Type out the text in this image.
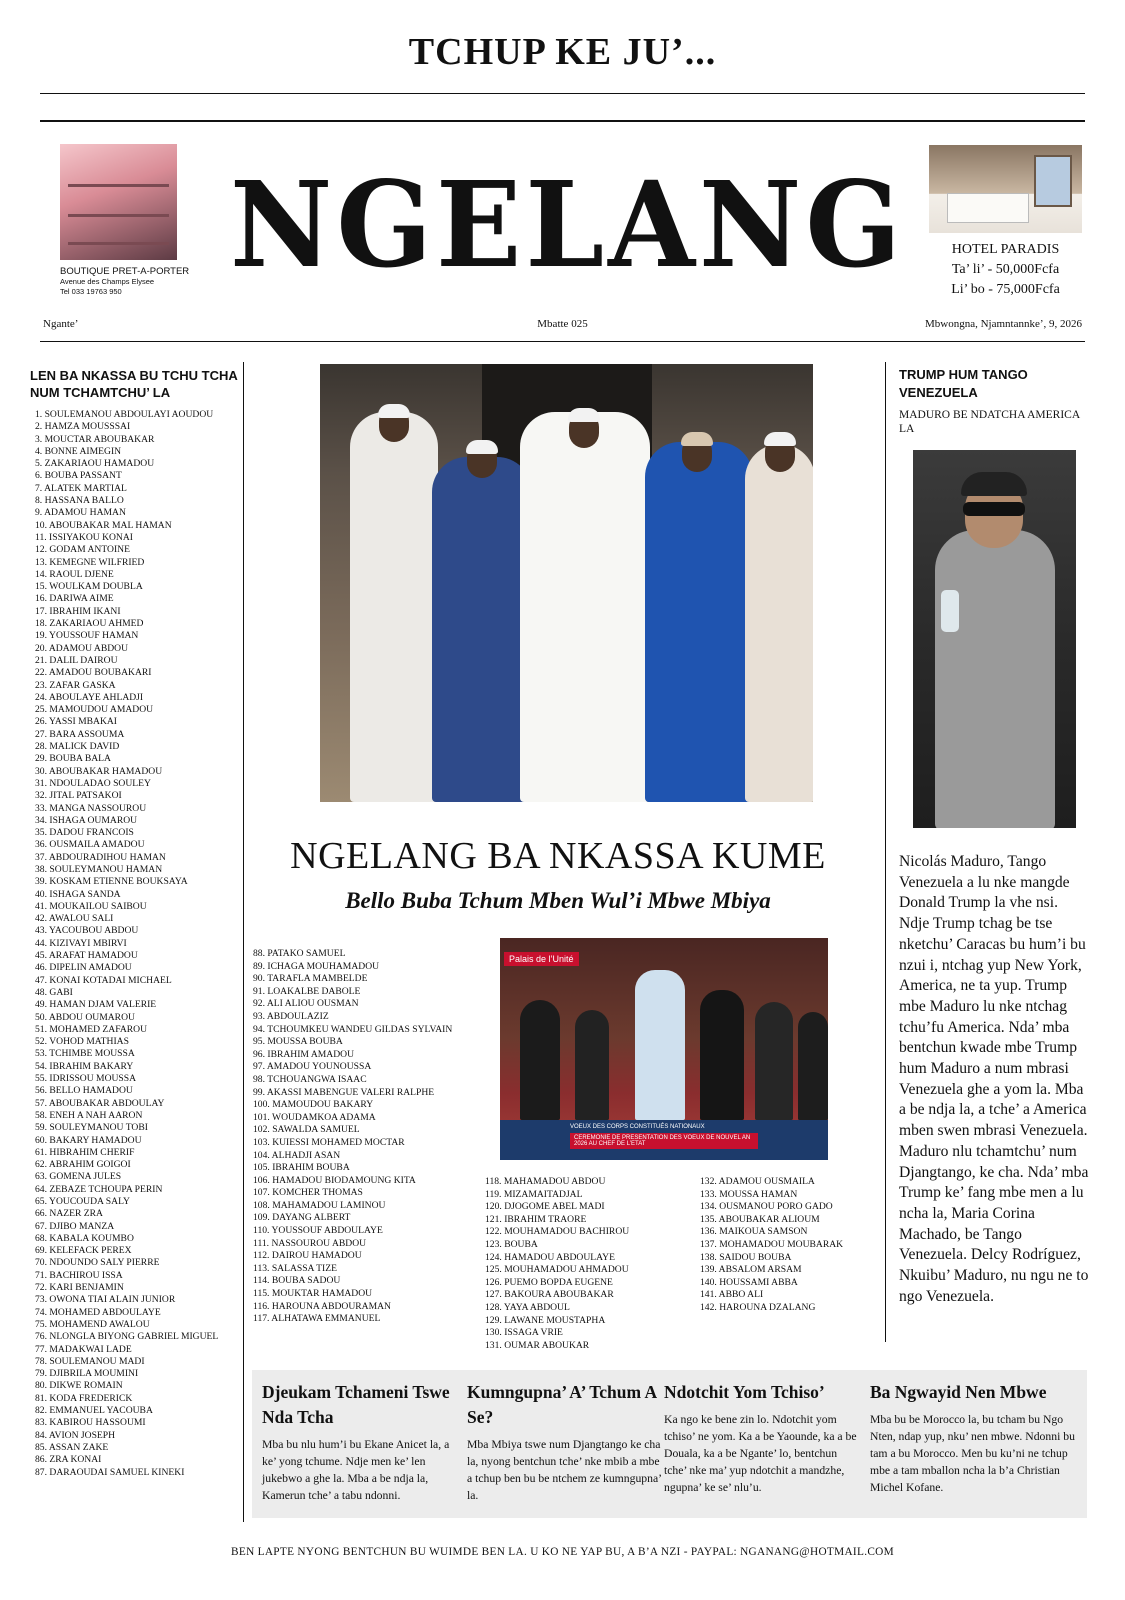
TCHUP KE JU’...
BOUTIQUE PRET-A-PORTER
Avenue des Champs Elysee
Tel 033 19763 950 NGELANG	HOTEL PARADIS
Ta’ li’ - 50,000Fcfa
Li’ bo - 75,000Fcfa
Ngante’	Mbatte 025	Mbwongna, Njamntannke’, 9, 2026
LEN BA NKASSA BU TCHU TCHA NUM TCHAMTCHU’ LA
1. SOULEMANOU ABDOULAYI AOUDOU
2. HAMZA MOUSSSAI
3. MOUCTAR ABOUBAKAR
4. BONNE AIMEGIN
5. ZAKARIAOU HAMADOU
6. BOUBA PASSANT
7. ALATEK MARTIAL
8. HASSANA BALLO
9. ADAMOU HAMAN
10. ABOUBAKAR MAL HAMAN
11. ISSIYAKOU KONAI
12. GODAM ANTOINE
13. KEMEGNE WILFRIED
14. RAOUL DJENE
15. WOULKAM DOUBLA
16. DARIWA AIME
17. IBRAHIM IKANI
18. ZAKARIAOU AHMED
19. YOUSSOUF HAMAN
20. ADAMOU ABDOU
21. DALIL DAIROU
22. AMADOU BOUBAKARI
23. ZAFAR GASKA
24. ABOULAYE AHLADJI
25. MAMOUDOU AMADOU
26. YASSI MBAKAI
27. BARA ASSOUMA
28. MALICK DAVID
29. BOUBA BALA
30. ABOUBAKAR HAMADOU
31. NDOULADAO SOULEY
32. JITAL PATSAKOI
33. MANGA NASSOUROU
34. ISHAGA OUMAROU
35. DADOU FRANCOIS
36. OUSMAILA AMADOU
37. ABDOURADIHOU HAMAN
38. SOULEYMANOU HAMAN
39. KOSKAM ETIENNE BOUKSAYA
40. ISHAGA SANDA
41. MOUKAILOU SAIBOU
42. AWALOU SALI
43. YACOUBOU ABDOU
44. KIZIVAYI MBIRVI
45. ARAFAT HAMADOU
46. DIPELIN AMADOU
47. KONAI KOTADAI MICHAEL
48. GABI
49. HAMAN DJAM VALERIE
50. ABDOU OUMAROU
51. MOHAMED ZAFAROU
52. VOHOD MATHIAS
53. TCHIMBE MOUSSA
54. IBRAHIM BAKARY
55. IDRISSOU MOUSSA
56. BELLO HAMADOU
57. ABOUBAKAR ABDOULAY
58. ENEH A NAH AARON
59. SOULEYMANOU TOBI
60. BAKARY HAMADOU
61. HIBRAHIM CHERIF
62. ABRAHIM GOIGOI
63. GOMENA JULES
64. ZEBAZE TCHOUPA PERIN
65. YOUCOUDA SALY
66. NAZER ZRA
67. DJIBO MANZA
68. KABALA KOUMBO
69. KELEFACK PEREX
70. NDOUNDO SALY PIERRE
71. BACHIROU ISSA
72. KARI BENJAMIN
73. OWONA TIAI ALAIN JUNIOR
74. MOHAMED ABDOULAYE
75. MOHAMEND AWALOU
76. NLONGLA BIYONG GABRIEL MIGUEL
77. MADAKWAI LADE
78. SOULEMANOU MADI
79. DJIBRILA MOUMINI
80. DIKWE ROMAIN
81. KODA FREDERICK
82. EMMANUEL YACOUBA
83. KABIROU HASSOUMI
84. AVION JOSEPH
85. ASSAN ZAKE
86. ZRA KONAI
87. DARAOUDAI SAMUEL KINEKI
NGELANG BA NKASSA KUME
Bello Buba Tchum Mben Wul’i Mbwe Mbiya
88. PATAKO SAMUEL
89. ICHAGA MOUHAMADOU
90. TARAFLA MAMBELDE
91. LOAKALBE DABOLE
92. ALI ALIOU OUSMAN
93. ABDOULAZIZ
94. TCHOUMKEU WANDEU GILDAS SYLVAIN
95. MOUSSA BOUBA
96. IBRAHIM AMADOU
97. AMADOU YOUNOUSSA
98. TCHOUANGWA ISAAC
99. AKASSI MABENGUE VALERI RALPHE
100. MAMOUDOU BAKARY
101. WOUDAMKOA ADAMA
102. SAWALDA SAMUEL
103. KUIESSI MOHAMED MOCTAR
104. ALHADJI ASAN
105. IBRAHIM BOUBA
106. HAMADOU BIODAMOUNG KITA
107. KOMCHER THOMAS
108. MAHAMADOU LAMINOU
109. DAYANG ALBERT
110. YOUSSOUF ABDOULAYE
111. NASSOUROU ABDOU
112. DAIROU HAMADOU
113. SALASSA TIZE
114. BOUBA SADOU
115. MOUKTAR HAMADOU
116. HAROUNA ABDOURAMAN
117. ALHATAWA EMMANUEL
118. MAHAMADOU ABDOU
119. MIZAMAITADJAL
120. DJOGOME ABEL MADI
121. IBRAHIM TRAORE
122. MOUHAMADOU BACHIROU
123. BOUBA
124. HAMADOU ABDOULAYE
125. MOUHAMADOU AHMADOU
126. PUEMO BOPDA EUGENE
127. BAKOURA ABOUBAKAR
128. YAYA ABDOUL
129. LAWANE MOUSTAPHA
130. ISSAGA VRIE
131. OUMAR ABOUKAR
132. ADAMOU OUSMAILA
133. MOUSSA HAMAN
134. OUSMANOU PORO GADO
135. ABOUBAKAR ALIOUM
136. MAIKOUA SAMSON
137. MOHAMADOU MOUBARAK
138. SAIDOU BOUBA
139. ABSALOM ARSAM
140. HOUSSAMI ABBA
141. ABBO ALI
142. HAROUNA DZALANG
Palais de l’Unité
VOEUX DES CORPS CONSTITUÉS NATIONAUX
CEREMONIE DE PRESENTATION DES VOEUX DE NOUVEL AN 2026 AU CHEF DE L’ETAT
TRUMP HUM TANGO VENEZUELA
MADURO BE NDATCHA AMERICA LA
Nicolás Maduro, Tango Venezuela a lu nke mangde Donald Trump la vhe nsi. Ndje Trump tchag be tse nketchu’ Caracas bu hum’i bu nzui i, ntchag yup New York, America, ne ta yup. Trump mbe Maduro lu nke ntchag tchu’fu America. Nda’ mba bentchun kwade mbe Trump hum Maduro a num mbrasi Venezuela ghe a yom la. Mba a be ndja la, a tche’ a America mben swen mbrasi Venezuela. Maduro nlu tchamtchu’ num Djangtango, ke cha. Nda’ mba Trump ke’ fang mbe men a lu ncha la, Maria Corina Machado, be Tango Venezuela. Delcy Rodríguez, Nkuibu’ Maduro, nu ngu ne to ngo Venezuela.
Djeukam Tchameni Tswe Nda Tcha

Mba bu nlu hum’i bu Ekane Anicet la, a ke’ yong tchume. Ndje men ke’ len jukebwo a ghe la. Mba a be ndja la, Kamerun tche’ a tabu ndonni.

Kumngupna’ A’ Tchum A Se?

Mba Mbiya tswe num Djangtango ke cha la, nyong bentchun tche’ nke mbib a mbe a tchup ben bu be ntchem ze kumngupna’ la.

Ndotchit Yom Tchiso’

Ka ngo ke bene zin lo. Ndotchit yom tchiso’ ne yom. Ka a be Yaounde, ka a be Douala, ka a be Ngante’ lo, bentchun tche’ nke ma’ yup ndotchit a mandzhe, ngupna’ ke se’ nlu’u.

Ba Ngwayid Nen Mbwe

Mba bu be Morocco la, bu tcham bu Ngo Nten, ndap yup, nku’ nen mbwe. Ndonni bu tam a bu Morocco. Men bu ku’ni ne tchup mbe a tam mballon ncha la b’a Christian Michel Kofane.

BEN LAPTE NYONG BENTCHUN BU WUIMDE BEN LA. U KO NE YAP BU, A B’A NZI - PAYPAL: NGANANG@HOTMAIL.COM
